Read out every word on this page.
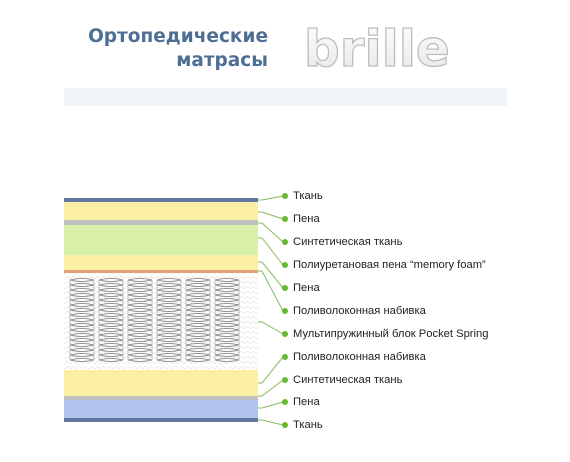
Ортопедические
матрасы brille
Ткань
Пена
Синтетическая ткань
Полиуретановая пена “memory foam”
Пена
Поливолоконная набивка
Мультипружинный блок Pocket Spring
Поливолоконная набивка
Синтетическая ткань
Пена
Ткань
